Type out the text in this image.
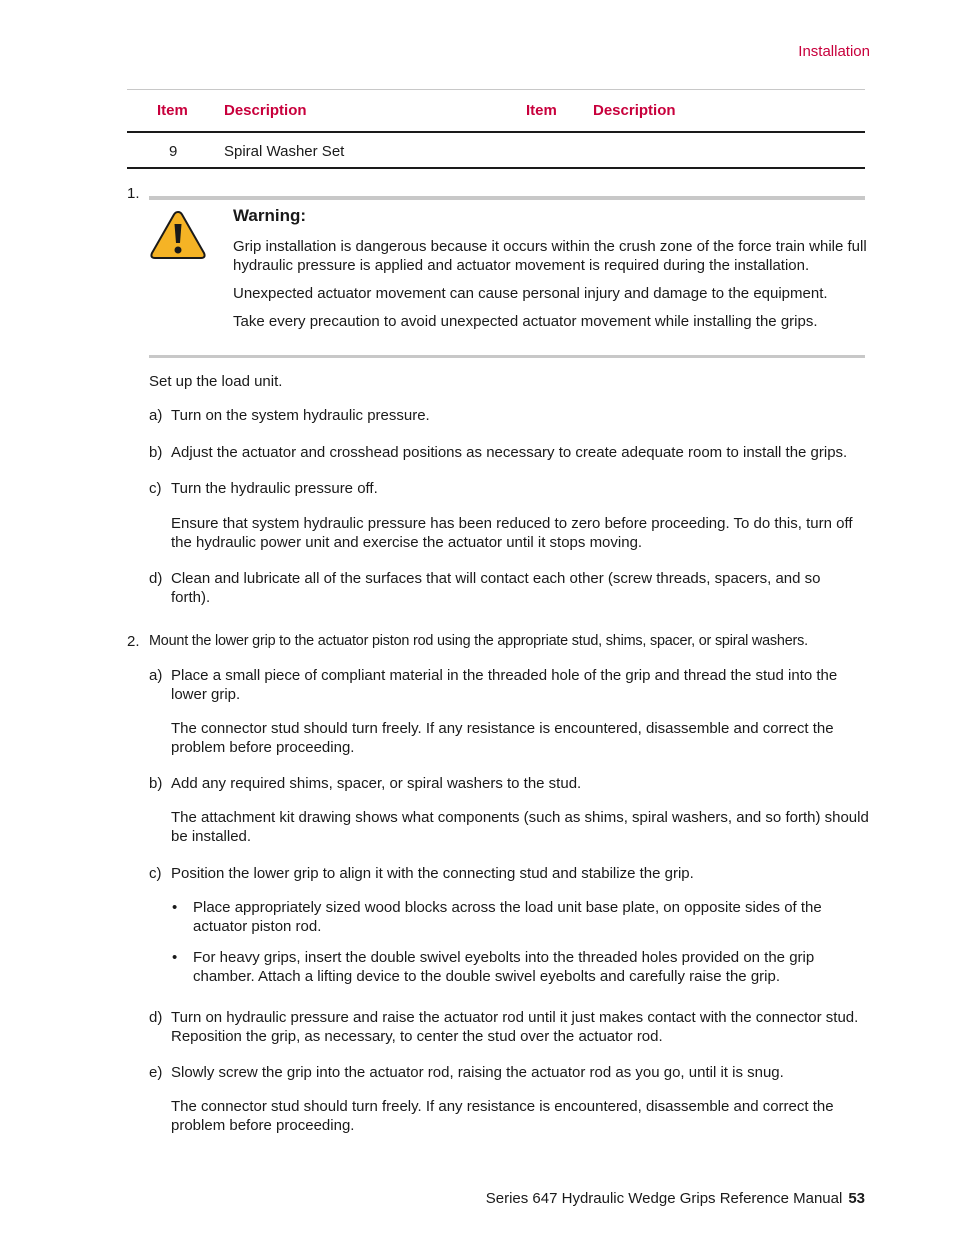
Installation
Item Description	Item Description
9	Spiral Washer Set
1.
Warning:
Grip installation is dangerous because it occurs within the crush zone of the force train while full hydraulic pressure is applied and actuator movement is required during the installation.
Unexpected actuator movement can cause personal injury and damage to the equipment.
Take every precaution to avoid unexpected actuator movement while installing the grips.
Set up the load unit.
a) Turn on the system hydraulic pressure.
b) Adjust the actuator and crosshead positions as necessary to create adequate room to install the grips.
c) Turn the hydraulic pressure off.
Ensure that system hydraulic pressure has been reduced to zero before proceeding. To do this, turn off the hydraulic power unit and exercise the actuator until it stops moving.
d) Clean and lubricate all of the surfaces that will contact each other (screw threads, spacers, and so forth).
2. Mount the lower grip to the actuator piston rod using the appropriate stud, shims, spacer, or spiral washers.
a) Place a small piece of compliant material in the threaded hole of the grip and thread the stud into the lower grip.
The connector stud should turn freely. If any resistance is encountered, disassemble and correct the problem before proceeding.
b) Add any required shims, spacer, or spiral washers to the stud.
The attachment kit drawing shows what components (such as shims, spiral washers, and so forth) should be installed.
c) Position the lower grip to align it with the connecting stud and stabilize the grip.
• Place appropriately sized wood blocks across the load unit base plate, on opposite sides of the actuator piston rod.
• For heavy grips, insert the double swivel eyebolts into the threaded holes provided on the grip chamber. Attach a lifting device to the double swivel eyebolts and carefully raise the grip.
d) Turn on hydraulic pressure and raise the actuator rod until it just makes contact with the connector stud. Reposition the grip, as necessary, to center the stud over the actuator rod.
e) Slowly screw the grip into the actuator rod, raising the actuator rod as you go, until it is snug.
The connector stud should turn freely. If any resistance is encountered, disassemble and correct the problem before proceeding.
Series 647 Hydraulic Wedge Grips Reference Manual 53
